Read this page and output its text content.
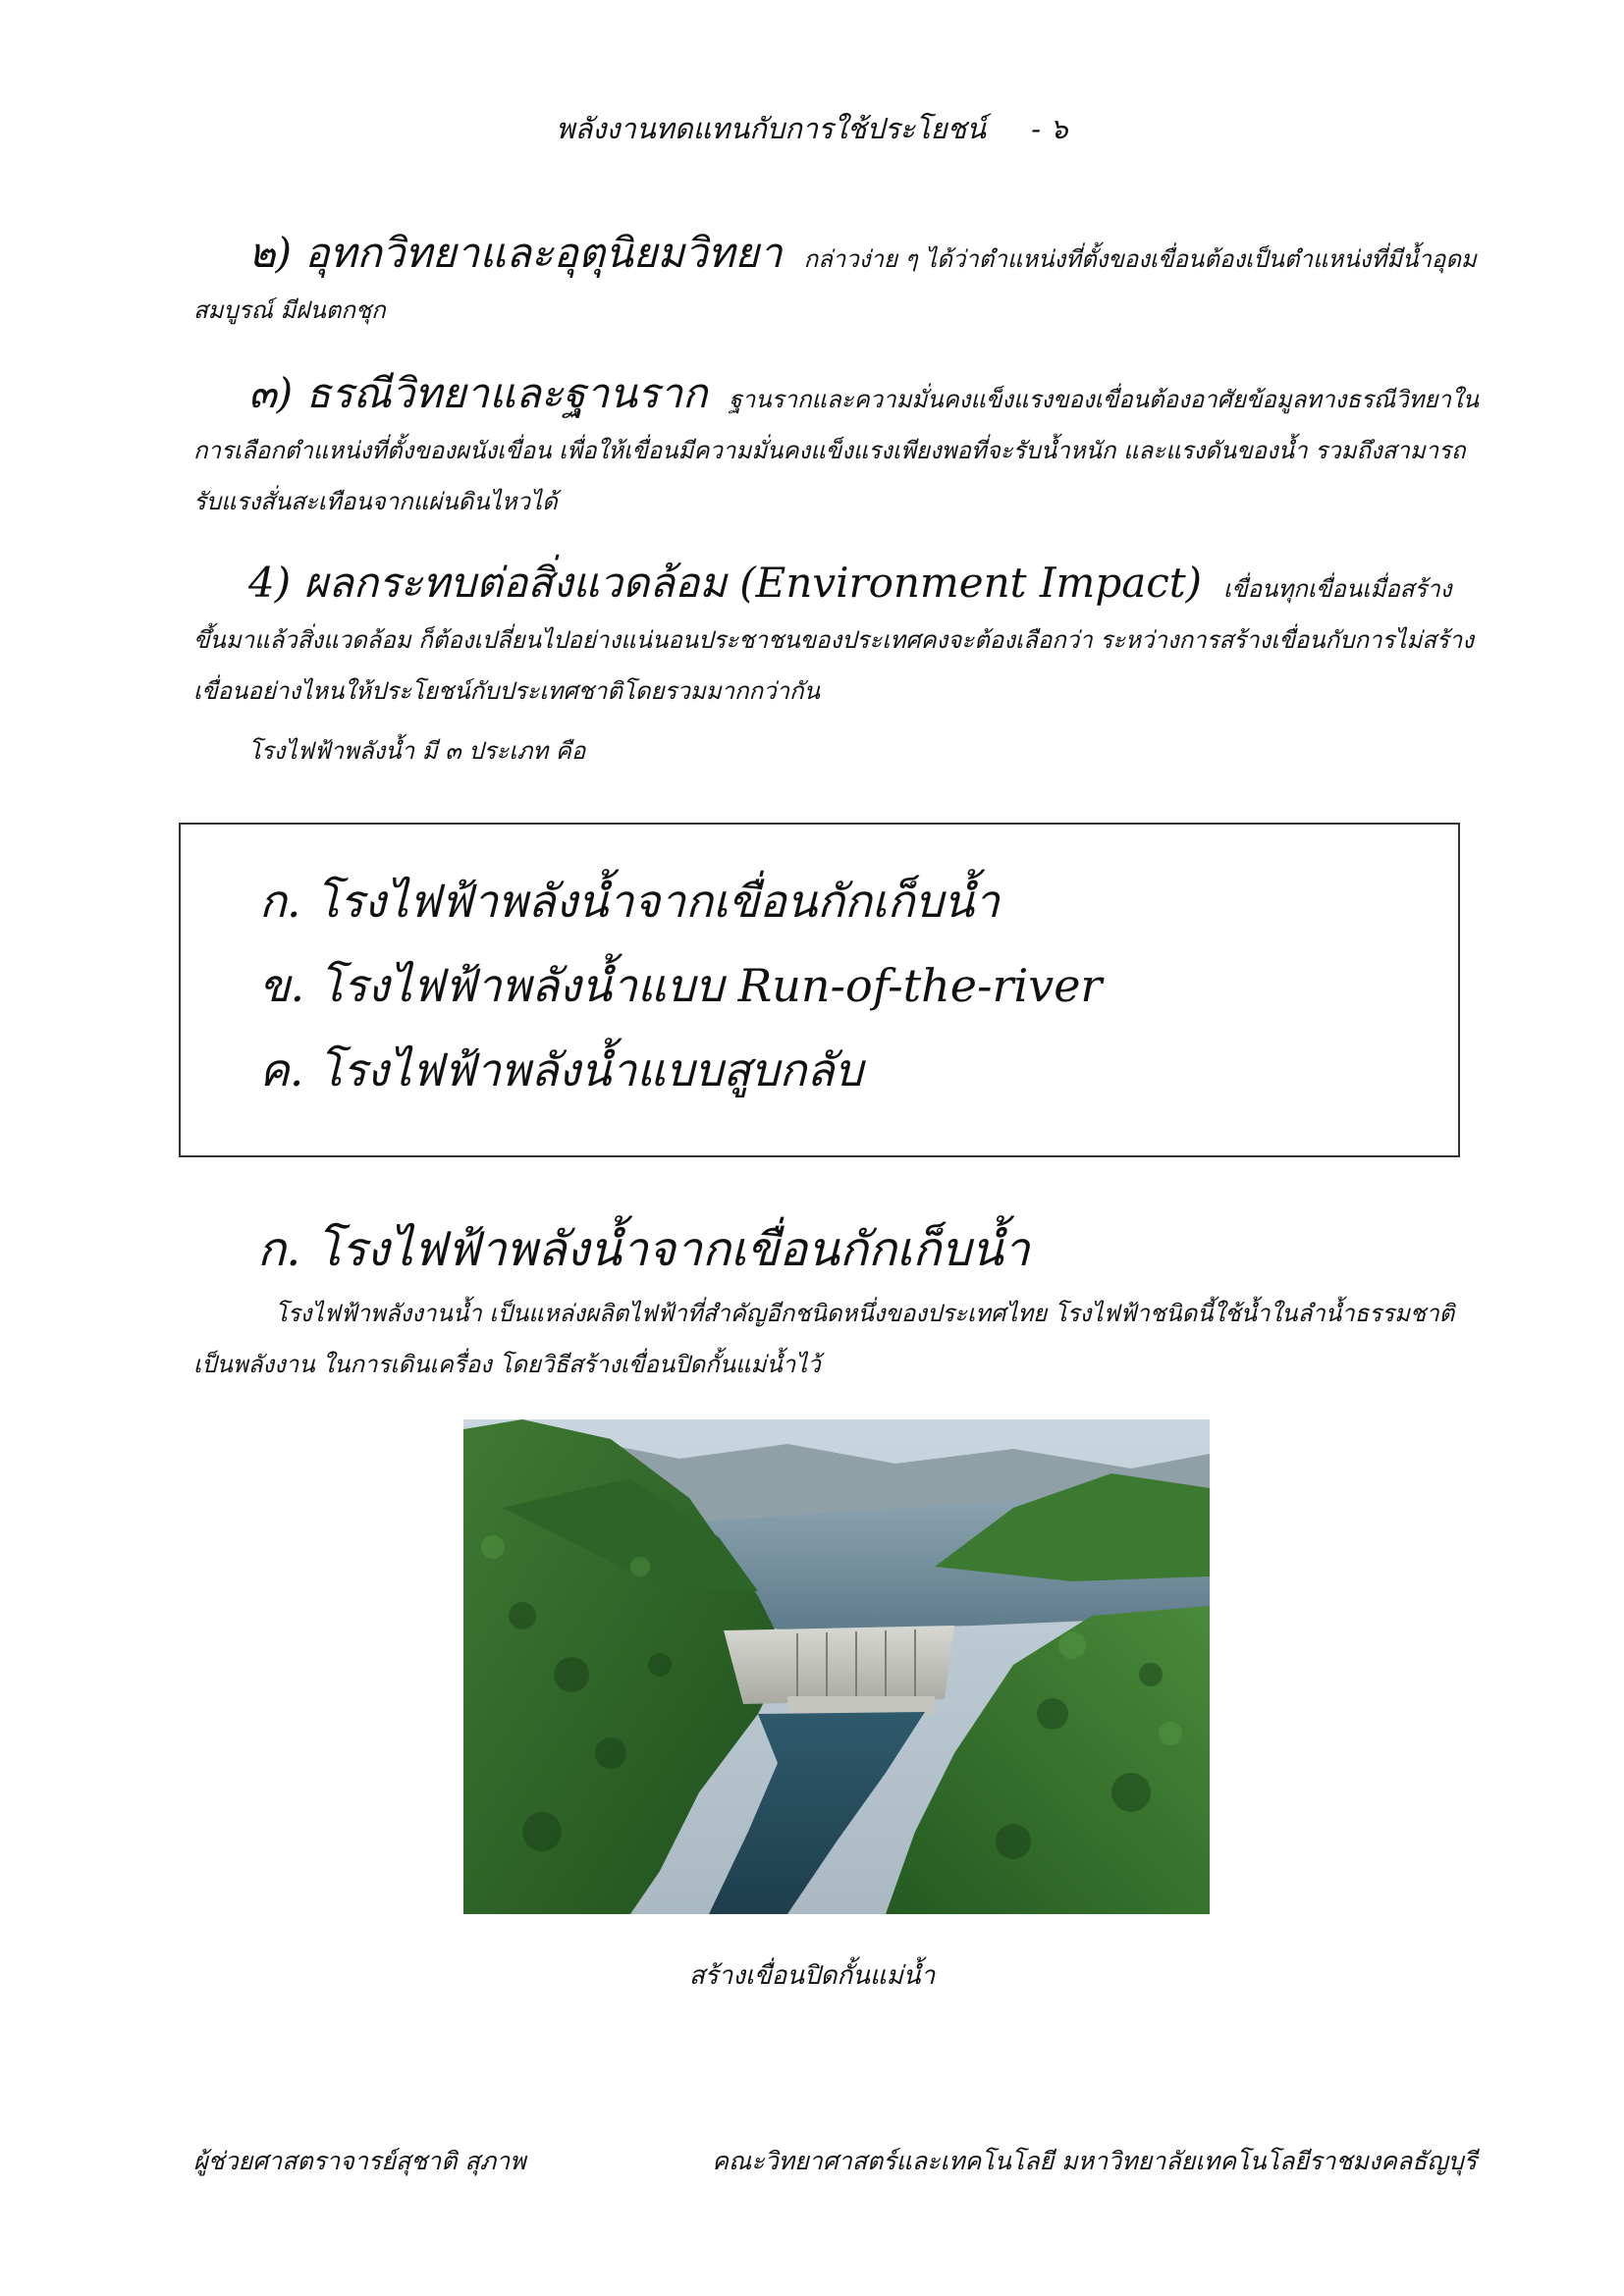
พลังงานทดแทนกับการใช้ประโยชน์ - ๖
๒) อุทกวิทยาและอุตุนิยมวิทยา กล่าวง่าย ๆ ได้ว่าตำแหน่งที่ตั้งของเขื่อนต้องเป็นตำแหน่งที่มีน้ำอุดมสมบูรณ์ มีฝนตกชุก
๓) ธรณีวิทยาและฐานราก ฐานรากและความมั่นคงแข็งแรงของเขื่อนต้องอาศัยข้อมูลทางธรณีวิทยาในการเลือกตำแหน่งที่ตั้งของผนังเขื่อน เพื่อให้เขื่อนมีความมั่นคงแข็งแรงเพียงพอที่จะรับน้ำหนัก และแรงดันของน้ำ รวมถึงสามารถรับแรงสั่นสะเทือนจากแผ่นดินไหวได้
4) ผลกระทบต่อสิ่งแวดล้อม (Environment Impact) เขื่อนทุกเขื่อนเมื่อสร้างขึ้นมาแล้วสิ่งแวดล้อม ก็ต้องเปลี่ยนไปอย่างแน่นอนประชาชนของประเทศคงจะต้องเลือกว่า ระหว่างการสร้างเขื่อนกับการไม่สร้างเขื่อนอย่างไหนให้ประโยชน์กับประเทศชาติโดยรวมมากกว่ากัน
โรงไฟฟ้าพลังน้ำ มี ๓ ประเภท คือ
ก. โรงไฟฟ้าพลังน้ำจากเขื่อนกักเก็บน้ำ
ข. โรงไฟฟ้าพลังน้ำแบบ Run-of-the-river
ค. โรงไฟฟ้าพลังน้ำแบบสูบกลับ
ก. โรงไฟฟ้าพลังน้ำจากเขื่อนกักเก็บน้ำ
โรงไฟฟ้าพลังงานน้ำ เป็นแหล่งผลิตไฟฟ้าที่สำคัญอีกชนิดหนึ่งของประเทศไทย โรงไฟฟ้าชนิดนี้ใช้น้ำในลำน้ำธรรมชาติเป็นพลังงาน ในการเดินเครื่อง โดยวิธีสร้างเขื่อนปิดกั้นแม่น้ำไว้
สร้างเขื่อนปิดกั้นแม่น้ำ
ผู้ช่วยศาสตราจารย์สุชาติ สุภาพ	คณะวิทยาศาสตร์และเทคโนโลยี มหาวิทยาลัยเทคโนโลยีราชมงคลธัญบุรี
